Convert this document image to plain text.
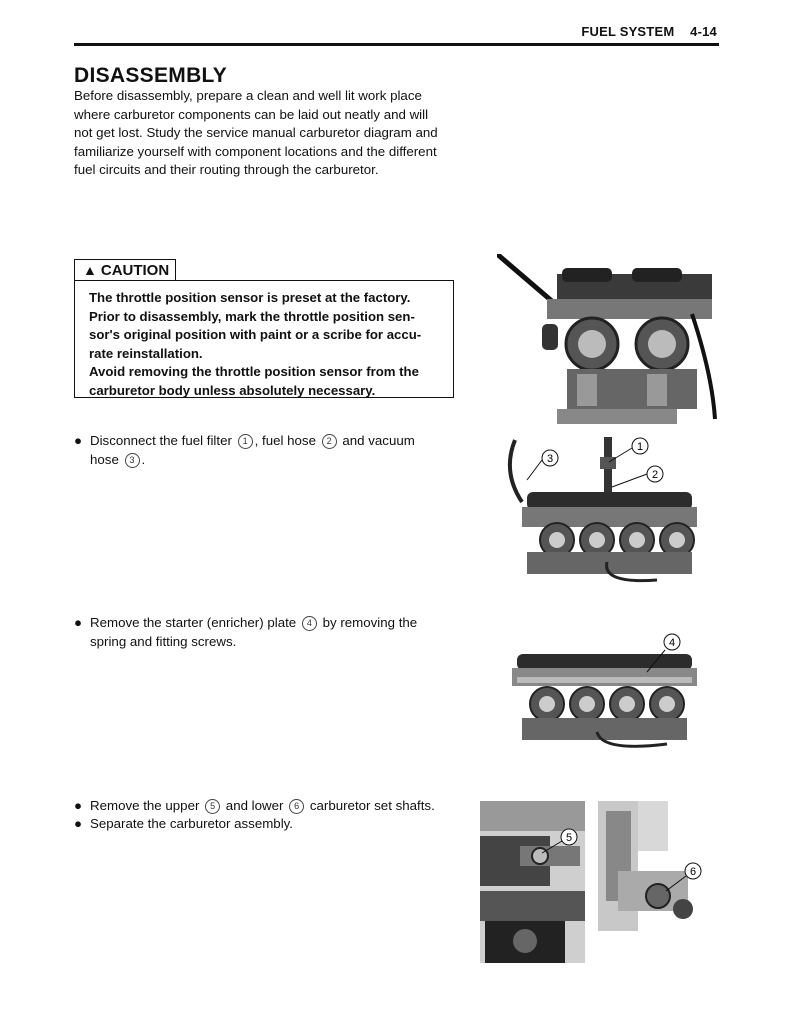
FUEL SYSTEM 4-14
DISASSEMBLY
Before disassembly, prepare a clean and well lit work place
where carburetor components can be laid out neatly and will
not get lost. Study the service manual carburetor diagram and
familiarize yourself with component locations and the different
fuel circuits and their routing through the carburetor.
▲ CAUTION
The throttle position sensor is preset at the factory.
Prior to disassembly, mark the throttle position sen-
sor's original position with paint or a scribe for accu-
rate reinstallation.
Avoid removing the throttle position sensor from the
carburetor body unless absolutely necessary.
● Disconnect the fuel filter 1 , fuel hose 2 and vacuum
hose 3 .
● Remove the starter (enricher) plate 4 by removing the
spring and fitting screws.
● Remove the upper 5 and lower 6 carburetor set shafts.
● Separate the carburetor assembly.
3
1
2
4
5
6
